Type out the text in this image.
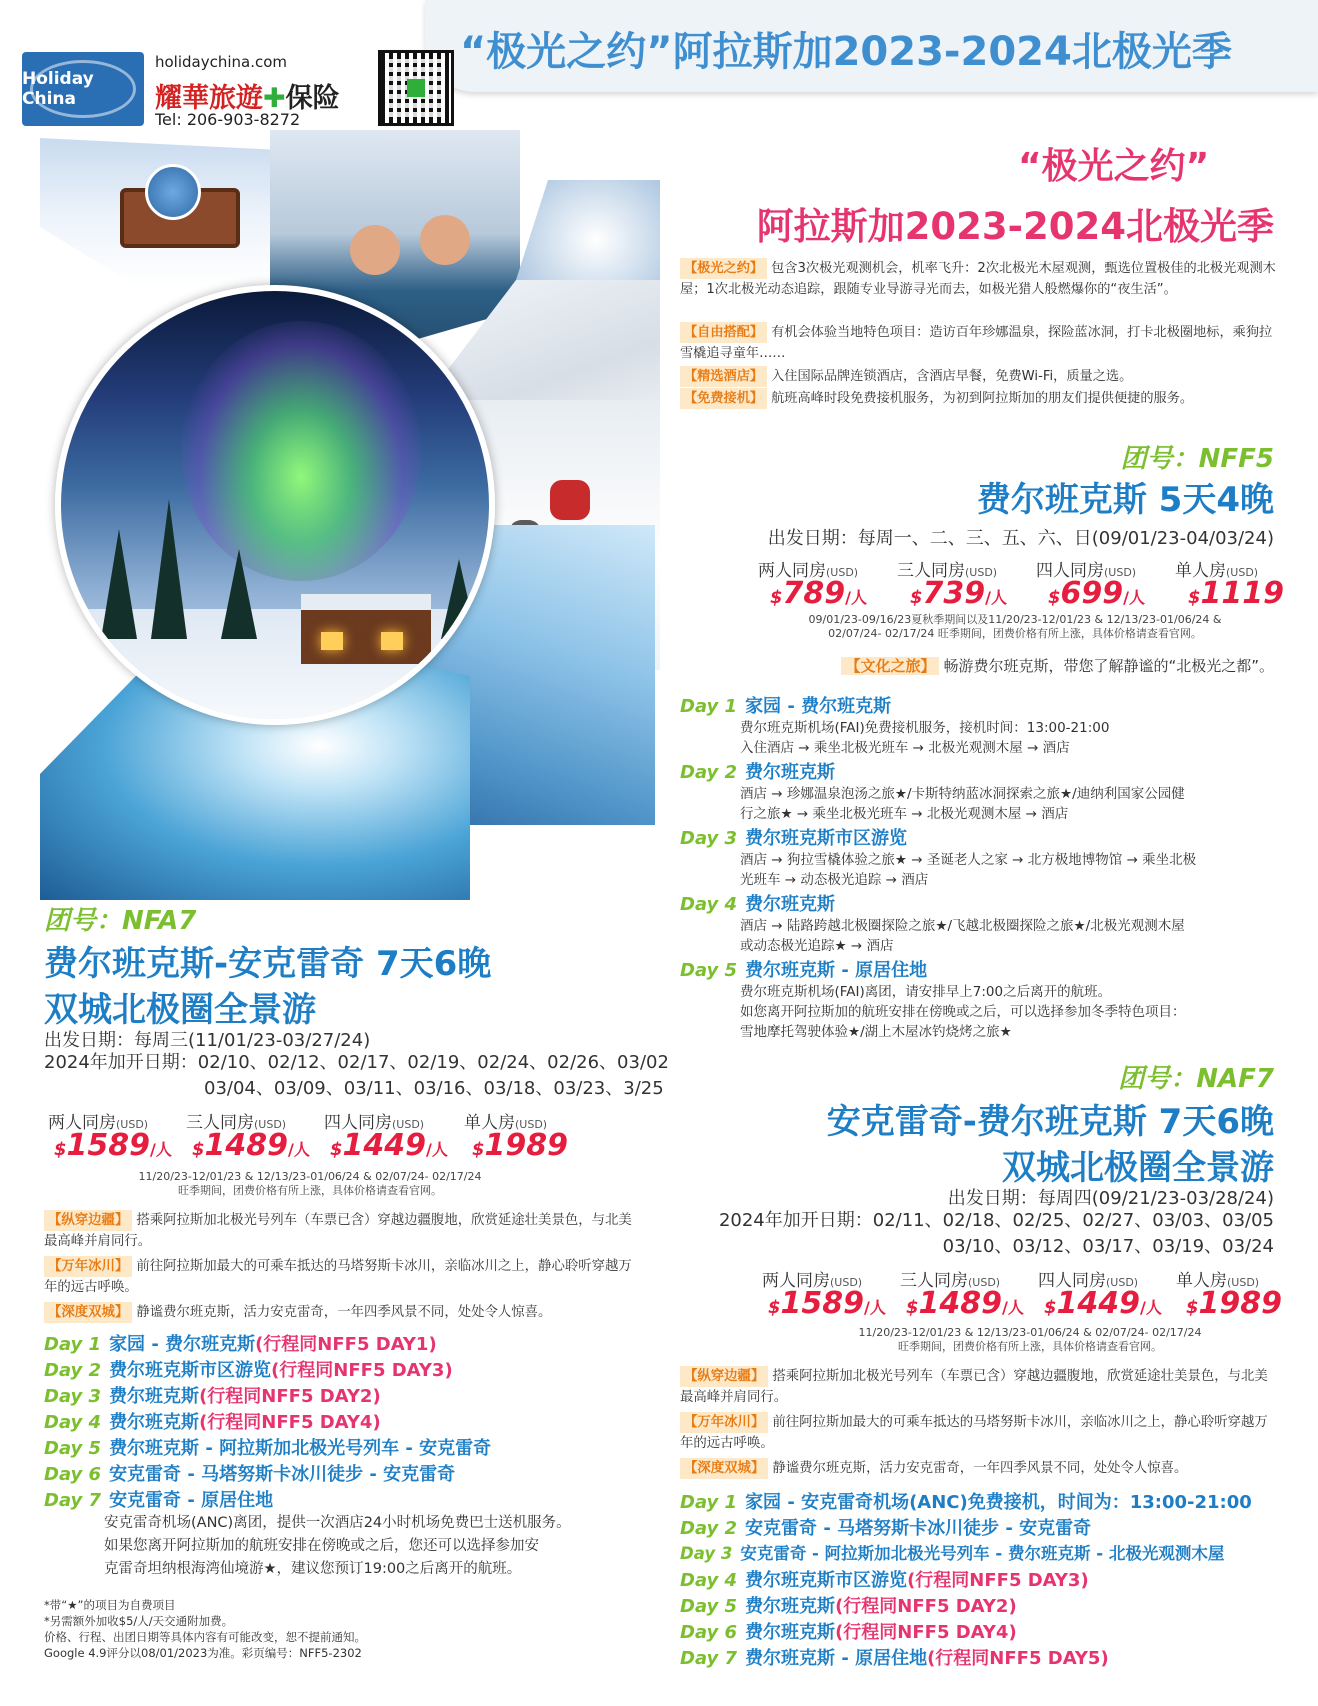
“极光之约”阿拉斯加2023-2024北极光季
Holiday China
holidaychina.com
耀華旅遊✚保险
Tel: 206-903-8272
“极光之约”
阿拉斯加2023-2024北极光季
【极光之约】 包含3次极光观测机会，机率飞升：2次北极光木屋观测，甄选位置极佳的北极光观测木屋；1次北极光动态追踪，跟随专业导游寻光而去，如极光猎人般燃爆你的“夜生活”。
【自由搭配】 有机会体验当地特色项目：造访百年珍娜温泉，探险蓝冰洞，打卡北极圈地标，乘狗拉雪橇追寻童年……
【精选酒店】 入住国际品牌连锁酒店，含酒店早餐，免费Wi-Fi，质量之选。
【免费接机】 航班高峰时段免费接机服务，为初到阿拉斯加的朋友们提供便捷的服务。
团号：NFF5
费尔班克斯 5天4晚
出发日期：每周一、二、三、五、六、日(09/01/23-04/03/24)
两人同房(USD) 三人同房(USD) 四人同房(USD) 单人房(USD)
$789/人 $739/人 $699/人 $1119
09/01/23-09/16/23夏秋季期间以及11/20/23-12/01/23 & 12/13/23-01/06/24 &
02/07/24- 02/17/24 旺季期间，团费价格有所上涨，具体价格请查看官网。
【文化之旅】 畅游费尔班克斯，带您了解静谧的“北极光之都”。
Day 1 家园 - 费尔班克斯
费尔班克斯机场(FAI)免费接机服务，接机时间：13:00-21:00
入住酒店 → 乘坐北极光班车 → 北极光观测木屋 → 酒店
Day 2 费尔班克斯
酒店 → 珍娜温泉泡汤之旅★/卡斯特纳蓝冰洞探索之旅★/迪纳利国家公园健
行之旅★ → 乘坐北极光班车 → 北极光观测木屋 → 酒店
Day 3 费尔班克斯市区游览
酒店 → 狗拉雪橇体验之旅★ → 圣诞老人之家 → 北方极地博物馆 → 乘坐北极
光班车 → 动态极光追踪 → 酒店
Day 4 费尔班克斯
酒店 → 陆路跨越北极圈探险之旅★/飞越北极圈探险之旅★/北极光观测木屋
或动态极光追踪★ → 酒店
Day 5 费尔班克斯 - 原居住地
费尔班克斯机场(FAI)离团，请安排早上7:00之后离开的航班。
如您离开阿拉斯加的航班安排在傍晚或之后，可以选择参加冬季特色项目：
雪地摩托驾驶体验★/湖上木屋冰钓烧烤之旅★
团号：NFA7
费尔班克斯-安克雷奇 7天6晚
双城北极圈全景游
出发日期：每周三(11/01/23-03/27/24)
2024年加开日期：02/10、02/12、02/17、02/19、02/24、02/26、03/02
03/04、03/09、03/11、03/16、03/18、03/23、3/25
两人同房(USD) 三人同房(USD) 四人同房(USD) 单人房(USD)
$1589/人 $1489/人 $1449/人 $1989
11/20/23-12/01/23 & 12/13/23-01/06/24 & 02/07/24- 02/17/24
旺季期间，团费价格有所上涨，具体价格请查看官网。
【纵穿边疆】 搭乘阿拉斯加北极光号列车（车票已含）穿越边疆腹地，欣赏延途壮美景色，与北美最高峰并肩同行。
【万年冰川】 前往阿拉斯加最大的可乘车抵达的马塔努斯卡冰川，亲临冰川之上，静心聆听穿越万年的远古呼唤。
【深度双城】 静谧费尔班克斯，活力安克雷奇，一年四季风景不同，处处令人惊喜。
Day 1 家园 - 费尔班克斯(行程同NFF5 DAY1)
Day 2 费尔班克斯市区游览(行程同NFF5 DAY3)
Day 3 费尔班克斯(行程同NFF5 DAY2)
Day 4 费尔班克斯(行程同NFF5 DAY4)
Day 5 费尔班克斯 - 阿拉斯加北极光号列车 - 安克雷奇
Day 6 安克雷奇 - 马塔努斯卡冰川徒步 - 安克雷奇
Day 7 安克雷奇 - 原居住地
安克雷奇机场(ANC)离团，提供一次酒店24小时机场免费巴士送机服务。
如果您离开阿拉斯加的航班安排在傍晚或之后，您还可以选择参加安
克雷奇坦纳根海湾仙境游★，建议您预订19:00之后离开的航班。
团号：NAF7
安克雷奇-费尔班克斯 7天6晚
双城北极圈全景游
出发日期：每周四(09/21/23-03/28/24)
2024年加开日期：02/11、02/18、02/25、02/27、03/03、03/05
03/10、03/12、03/17、03/19、03/24
两人同房(USD) 三人同房(USD) 四人同房(USD) 单人房(USD)
$1589/人 $1489/人 $1449/人 $1989
11/20/23-12/01/23 & 12/13/23-01/06/24 & 02/07/24- 02/17/24
旺季期间，团费价格有所上涨，具体价格请查看官网。
【纵穿边疆】 搭乘阿拉斯加北极光号列车（车票已含）穿越边疆腹地，欣赏延途壮美景色，与北美最高峰并肩同行。
【万年冰川】 前往阿拉斯加最大的可乘车抵达的马塔努斯卡冰川，亲临冰川之上，静心聆听穿越万年的远古呼唤。
【深度双城】 静谧费尔班克斯，活力安克雷奇，一年四季风景不同，处处令人惊喜。
Day 1 家园 - 安克雷奇机场(ANC)免费接机，时间为：13:00-21:00
Day 2 安克雷奇 - 马塔努斯卡冰川徒步 - 安克雷奇
Day 3 安克雷奇 - 阿拉斯加北极光号列车 - 费尔班克斯 - 北极光观测木屋
Day 4 费尔班克斯市区游览(行程同NFF5 DAY3)
Day 5 费尔班克斯(行程同NFF5 DAY2)
Day 6 费尔班克斯(行程同NFF5 DAY4)
Day 7 费尔班克斯 - 原居住地(行程同NFF5 DAY5)
*带“★”的项目为自费项目
*另需额外加收$5/人/天交通附加费。
价格、行程、出团日期等具体内容有可能改变，恕不提前通知。
Google 4.9评分以08/01/2023为准。彩页编号：NFF5-2302
